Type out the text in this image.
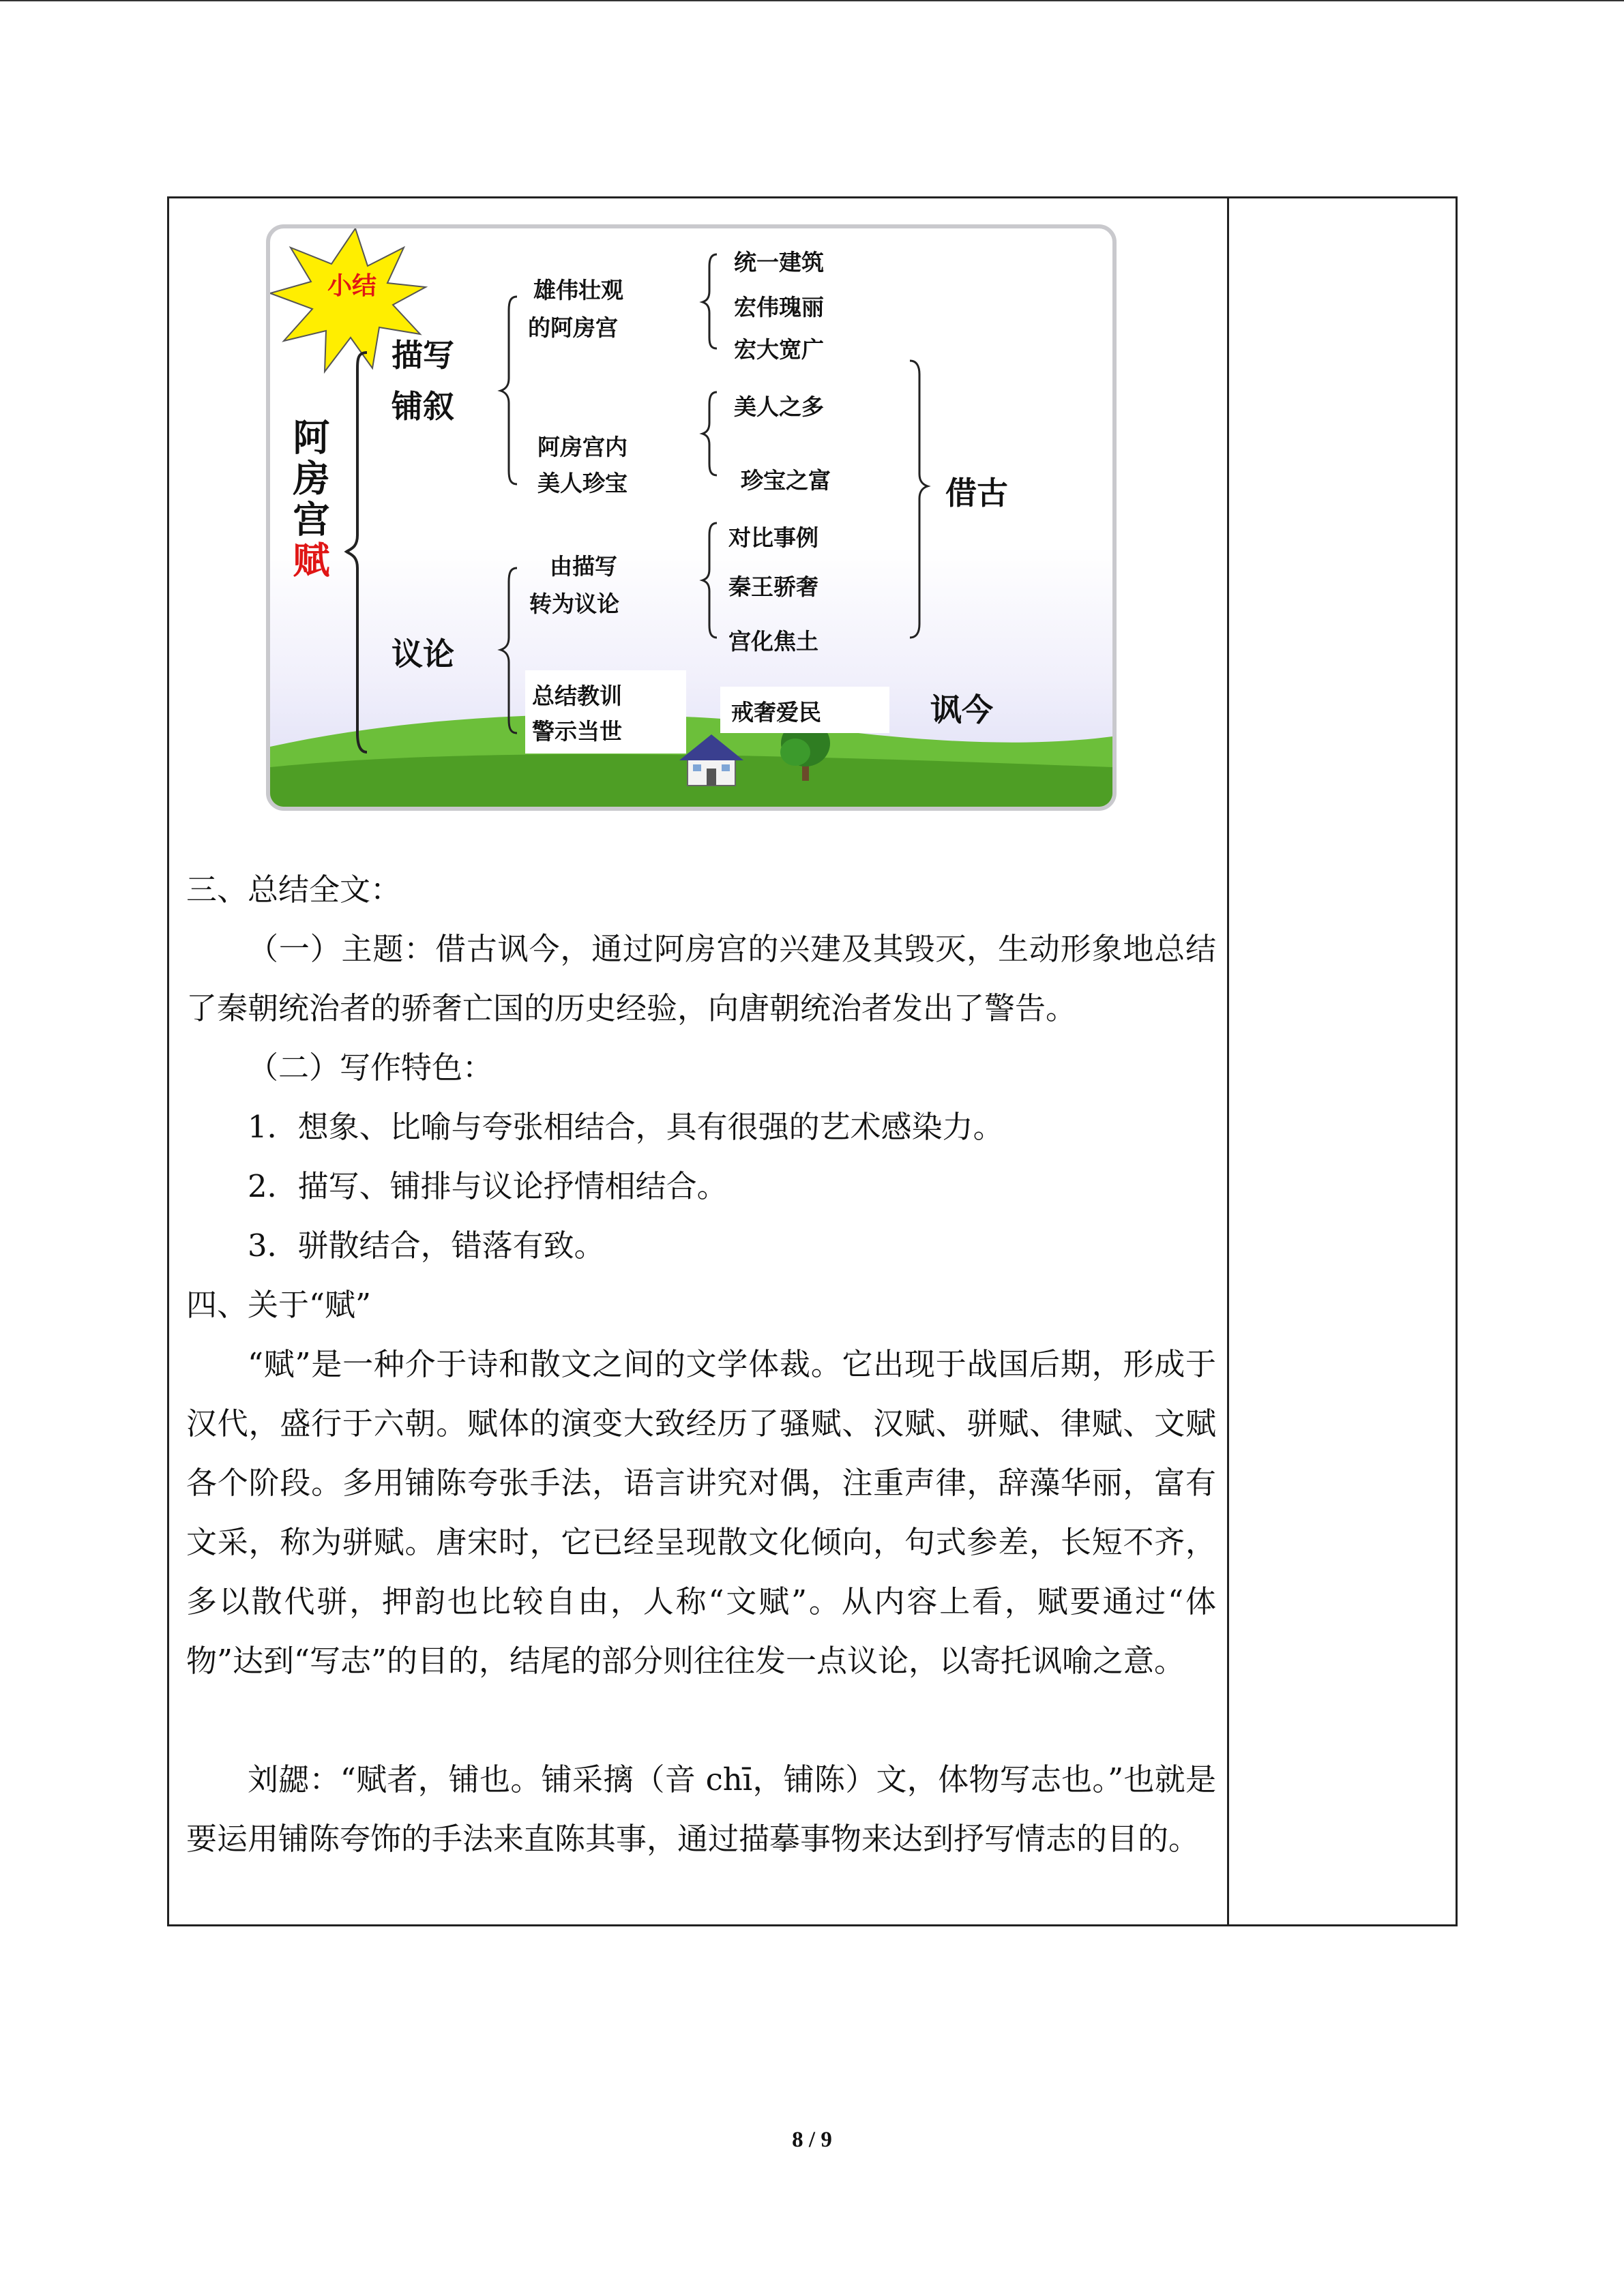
小结
阿房宫赋
描写
铺叙
议论
雄伟壮观
的阿房宫
阿房宫内
美人珍宝
由描写
转为议论
总结教训
警示当世
统一建筑
宏伟瑰丽
宏大宽广
美人之多
珍宝之富
对比事例
秦王骄奢
宫化焦土
戒奢爱民
借古
讽今

三、总结全文：

（一）主题：借古讽今，通过阿房宫的兴建及其毁灭，生动形象地总结了秦朝统治者的骄奢亡国的历史经验，向唐朝统治者发出了警告。

（二）写作特色：

1．想象、比喻与夸张相结合，具有很强的艺术感染力。

2．描写、铺排与议论抒情相结合。

3．骈散结合，错落有致。

四、关于“赋”

“赋”是一种介于诗和散文之间的文学体裁。它出现于战国后期，形成于汉代，盛行于六朝。赋体的演变大致经历了骚赋、汉赋、骈赋、律赋、文赋各个阶段。多用铺陈夸张手法，语言讲究对偶，注重声律，辞藻华丽，富有文采，称为骈赋。唐宋时，它已经呈现散文化倾向，句式参差，长短不齐，多以散代骈，押韵也比较自由，人称“文赋”。从内容上看，赋要通过“体物”达到“写志”的目的，结尾的部分则往往发一点议论，以寄托讽喻之意。

刘勰：“赋者，铺也。铺采摛（音 chī，铺陈）文，体物写志也。”也就是要运用铺陈夸饰的手法来直陈其事，通过描摹事物来达到抒写情志的目的。

8 / 9
